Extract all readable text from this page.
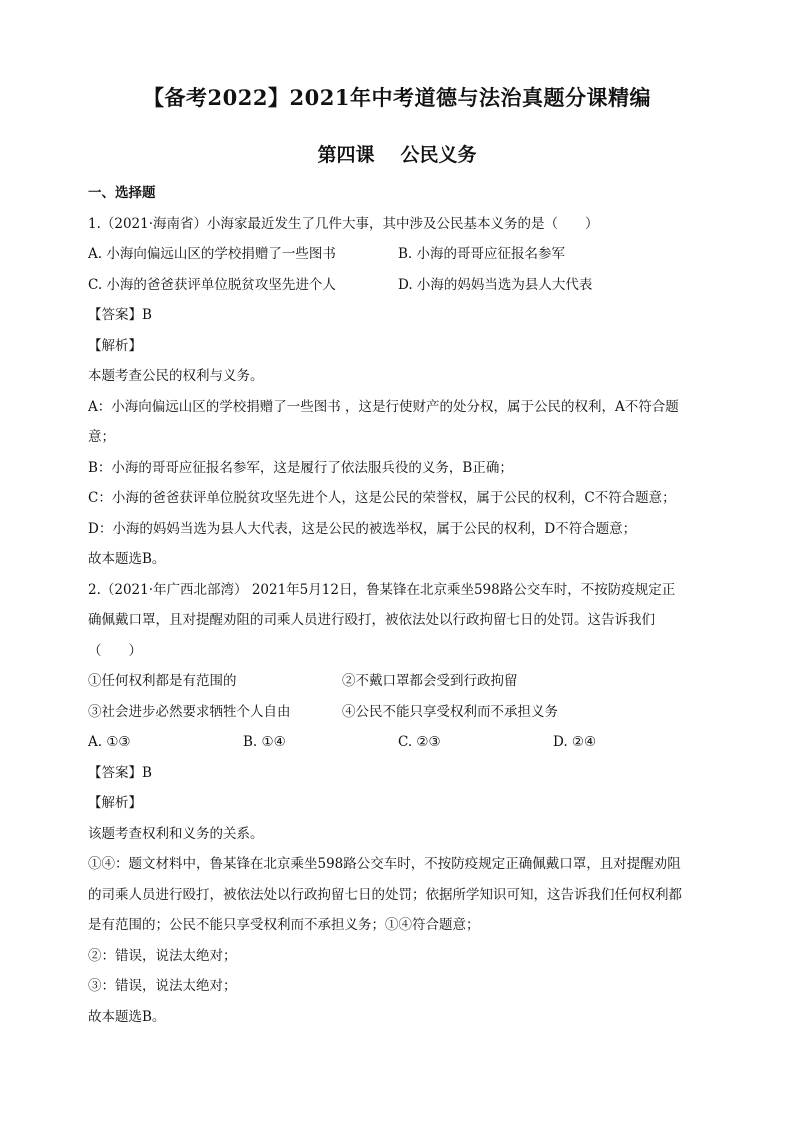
【备考2022】2021年中考道德与法治真题分课精编
第四课 公民义务
一、选择题
1.（2021·海南省）小海家最近发生了几件大事，其中涉及公民基本义务的是（　　）
A. 小海向偏远山区的学校捐赠了一些图书	B. 小海的哥哥应征报名参军
C. 小海的爸爸获评单位脱贫攻坚先进个人	D. 小海的妈妈当选为县人大代表
【答案】B
【解析】
本题考查公民的权利与义务。
A：小海向偏远山区的学校捐赠了一些图书 ，这是行使财产的处分权，属于公民的权利，A不符合题
意；
B：小海的哥哥应征报名参军，这是履行了依法服兵役的义务，B正确；
C：小海的爸爸获评单位脱贫攻坚先进个人，这是公民的荣誉权，属于公民的权利，C不符合题意；
D：小海的妈妈当选为县人大代表，这是公民的被选举权，属于公民的权利，D不符合题意；
故本题选B。
2.（2021·年广西北部湾） 2021年5月12日，鲁某锋在北京乘坐598路公交车时，不按防疫规定正
确佩戴口罩，且对提醒劝阻的司乘人员进行殴打，被依法处以行政拘留七日的处罚。这告诉我们
（　　）
①任何权利都是有范围的	②不戴口罩都会受到行政拘留
③社会进步必然要求牺牲个人自由	④公民不能只享受权利而不承担义务
A. ①③	B. ①④	C. ②③	D. ②④
【答案】B
【解析】
该题考查权利和义务的关系。
①④：题文材料中，鲁某锋在北京乘坐598路公交车时，不按防疫规定正确佩戴口罩，且对提醒劝阻
的司乘人员进行殴打，被依法处以行政拘留七日的处罚；依据所学知识可知，这告诉我们任何权利都
是有范围的；公民不能只享受权利而不承担义务；①④符合题意；
②：错误，说法太绝对；
③：错误，说法太绝对；
故本题选B。
